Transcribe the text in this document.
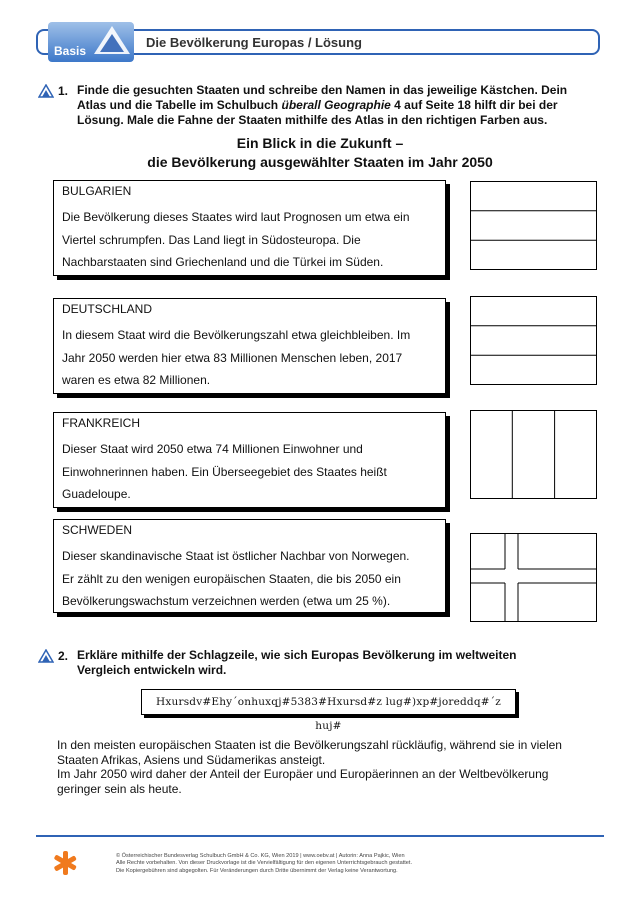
Basis
Die Bevölkerung Europas / Lösung
1. Finde die gesuchten Staaten und schreibe den Namen in das jeweilige Kästchen. Dein
Atlas und die Tabelle im Schulbuch überall Geographie 4 auf Seite 18 hilft dir bei der
Lösung. Male die Fahne der Staaten mithilfe des Atlas in den richtigen Farben aus.
Ein Blick in die Zukunft –
die Bevölkerung ausgewählter Staaten im Jahr 2050
BULGARIEN
Die Bevölkerung dieses Staates wird laut Prognosen um etwa ein
Viertel schrumpfen. Das Land liegt in Südosteuropa. Die
Nachbarstaaten sind Griechenland und die Türkei im Süden.
DEUTSCHLAND
In diesem Staat wird die Bevölkerungszahl etwa gleichbleiben. Im
Jahr 2050 werden hier etwa 83 Millionen Menschen leben, 2017
waren es etwa 82 Millionen.
FRANKREICH
Dieser Staat wird 2050 etwa 74 Millionen Einwohner und
Einwohnerinnen haben. Ein Überseegebiet des Staates heißt
Guadeloupe.
SCHWEDEN
Dieser skandinavische Staat ist östlicher Nachbar von Norwegen.
Er zählt zu den wenigen europäischen Staaten, die bis 2050 ein
Bevölkerungswachstum verzeichnen werden (etwa um 25 %).
2. Erkläre mithilfe der Schlagzeile, wie sich Europas Bevölkerung im weltweiten
Vergleich entwickeln wird.
Hxursdv#Ehy´onhuxqj#5383#Hxursd#z lug#)xp#joreddq#´z huj#
In den meisten europäischen Staaten ist die Bevölkerungszahl rückläufig, während sie in vielen
Staaten Afrikas, Asiens und Südamerikas ansteigt.
Im Jahr 2050 wird daher der Anteil der Europäer und Europäerinnen an der Weltbevölkerung
geringer sein als heute.
© Österreichischer Bundesverlag Schulbuch GmbH & Co. KG, Wien 2019 | www.oebv.at | Autorin: Anna Pajkic, Wien
Alle Rechte vorbehalten. Von dieser Druckvorlage ist die Vervielfältigung für den eigenen Unterrichtsgebrauch gestattet.
Die Kopiergebühren sind abgegolten. Für Veränderungen durch Dritte übernimmt der Verlag keine Verantwortung.
